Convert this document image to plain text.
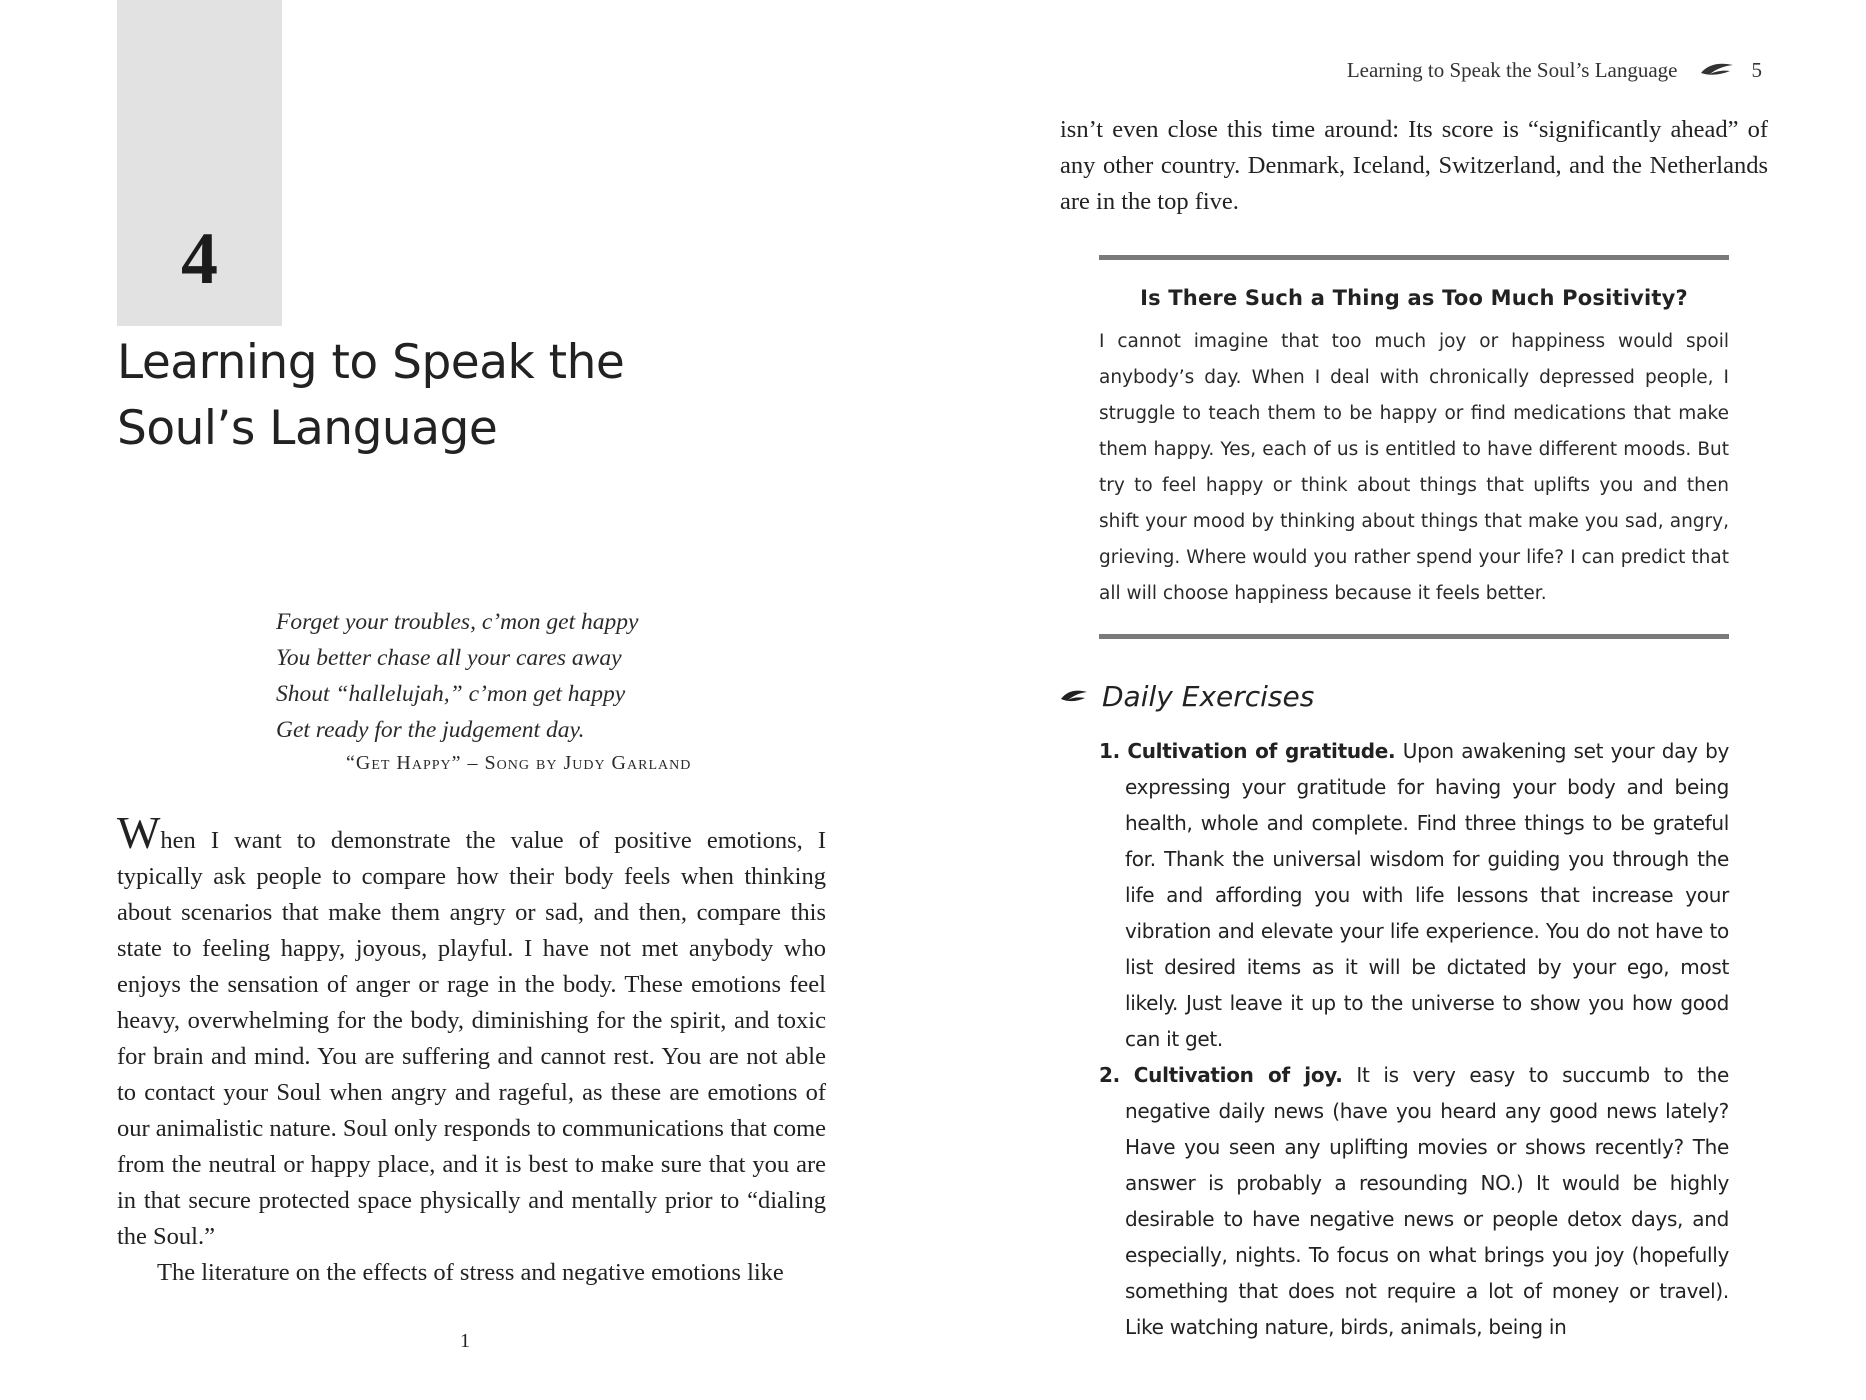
4
Learning to Speak the
Soul’s Language
Forget your troubles, c’mon get happy
You better chase all your cares away
Shout “hallelujah,” c’mon get happy
Get ready for the judgement day.
“Get Happy” – Song by Judy Garland

When I want to demonstrate the value of positive emotions, I typically ask people to compare how their body feels when thinking about scenarios that make them angry or sad, and then, compare this state to feeling happy, joyous, playful. I have not met anybody who enjoys the sensation of anger or rage in the body. These emotions feel heavy, overwhelming for the body, diminishing for the spirit, and toxic for brain and mind. You are suffering and cannot rest. You are not able to contact your Soul when angry and rageful, as these are emotions of our animalistic nature. Soul only responds to communications that come from the neutral or happy place, and it is best to make sure that you are in that secure protected space physically and mentally prior to “dialing the Soul.”

The literature on the effects of stress and negative emotions like

1
Learning to Speak the Soul’s Language	5
isn’t even close this time around: Its score is “significantly ahead” of any other country. Denmark, Iceland, Switzerland, and the Netherlands are in the top five.
Is There Such a Thing as Too Much Positivity?

I cannot imagine that too much joy or happiness would spoil anybody’s day. When I deal with chronically depressed people, I struggle to teach them to be happy or find medications that make them happy. Yes, each of us is entitled to have different moods. But try to feel happy or think about things that uplifts you and then shift your mood by thinking about things that make you sad, angry, grieving. Where would you rather spend your life? I can predict that all will choose happiness because it feels better.

Daily Exercises
1. Cultivation of gratitude. Upon awakening set your day by expressing your gratitude for having your body and being health, whole and complete. Find three things to be grateful for. Thank the universal wisdom for guiding you through the life and affording you with life lessons that increase your vibration and elevate your life experience. You do not have to list desired items as it will be dictated by your ego, most likely. Just leave it up to the universe to show you how good can it get.
2. Cultivation of joy. It is very easy to succumb to the negative daily news (have you heard any good news lately? Have you seen any uplifting movies or shows recently? The answer is probably a resounding NO.) It would be highly desirable to have negative news or people detox days, and especially, nights. To focus on what brings you joy (hopefully something that does not require a lot of money or travel). Like watching nature, birds, animals, being in
